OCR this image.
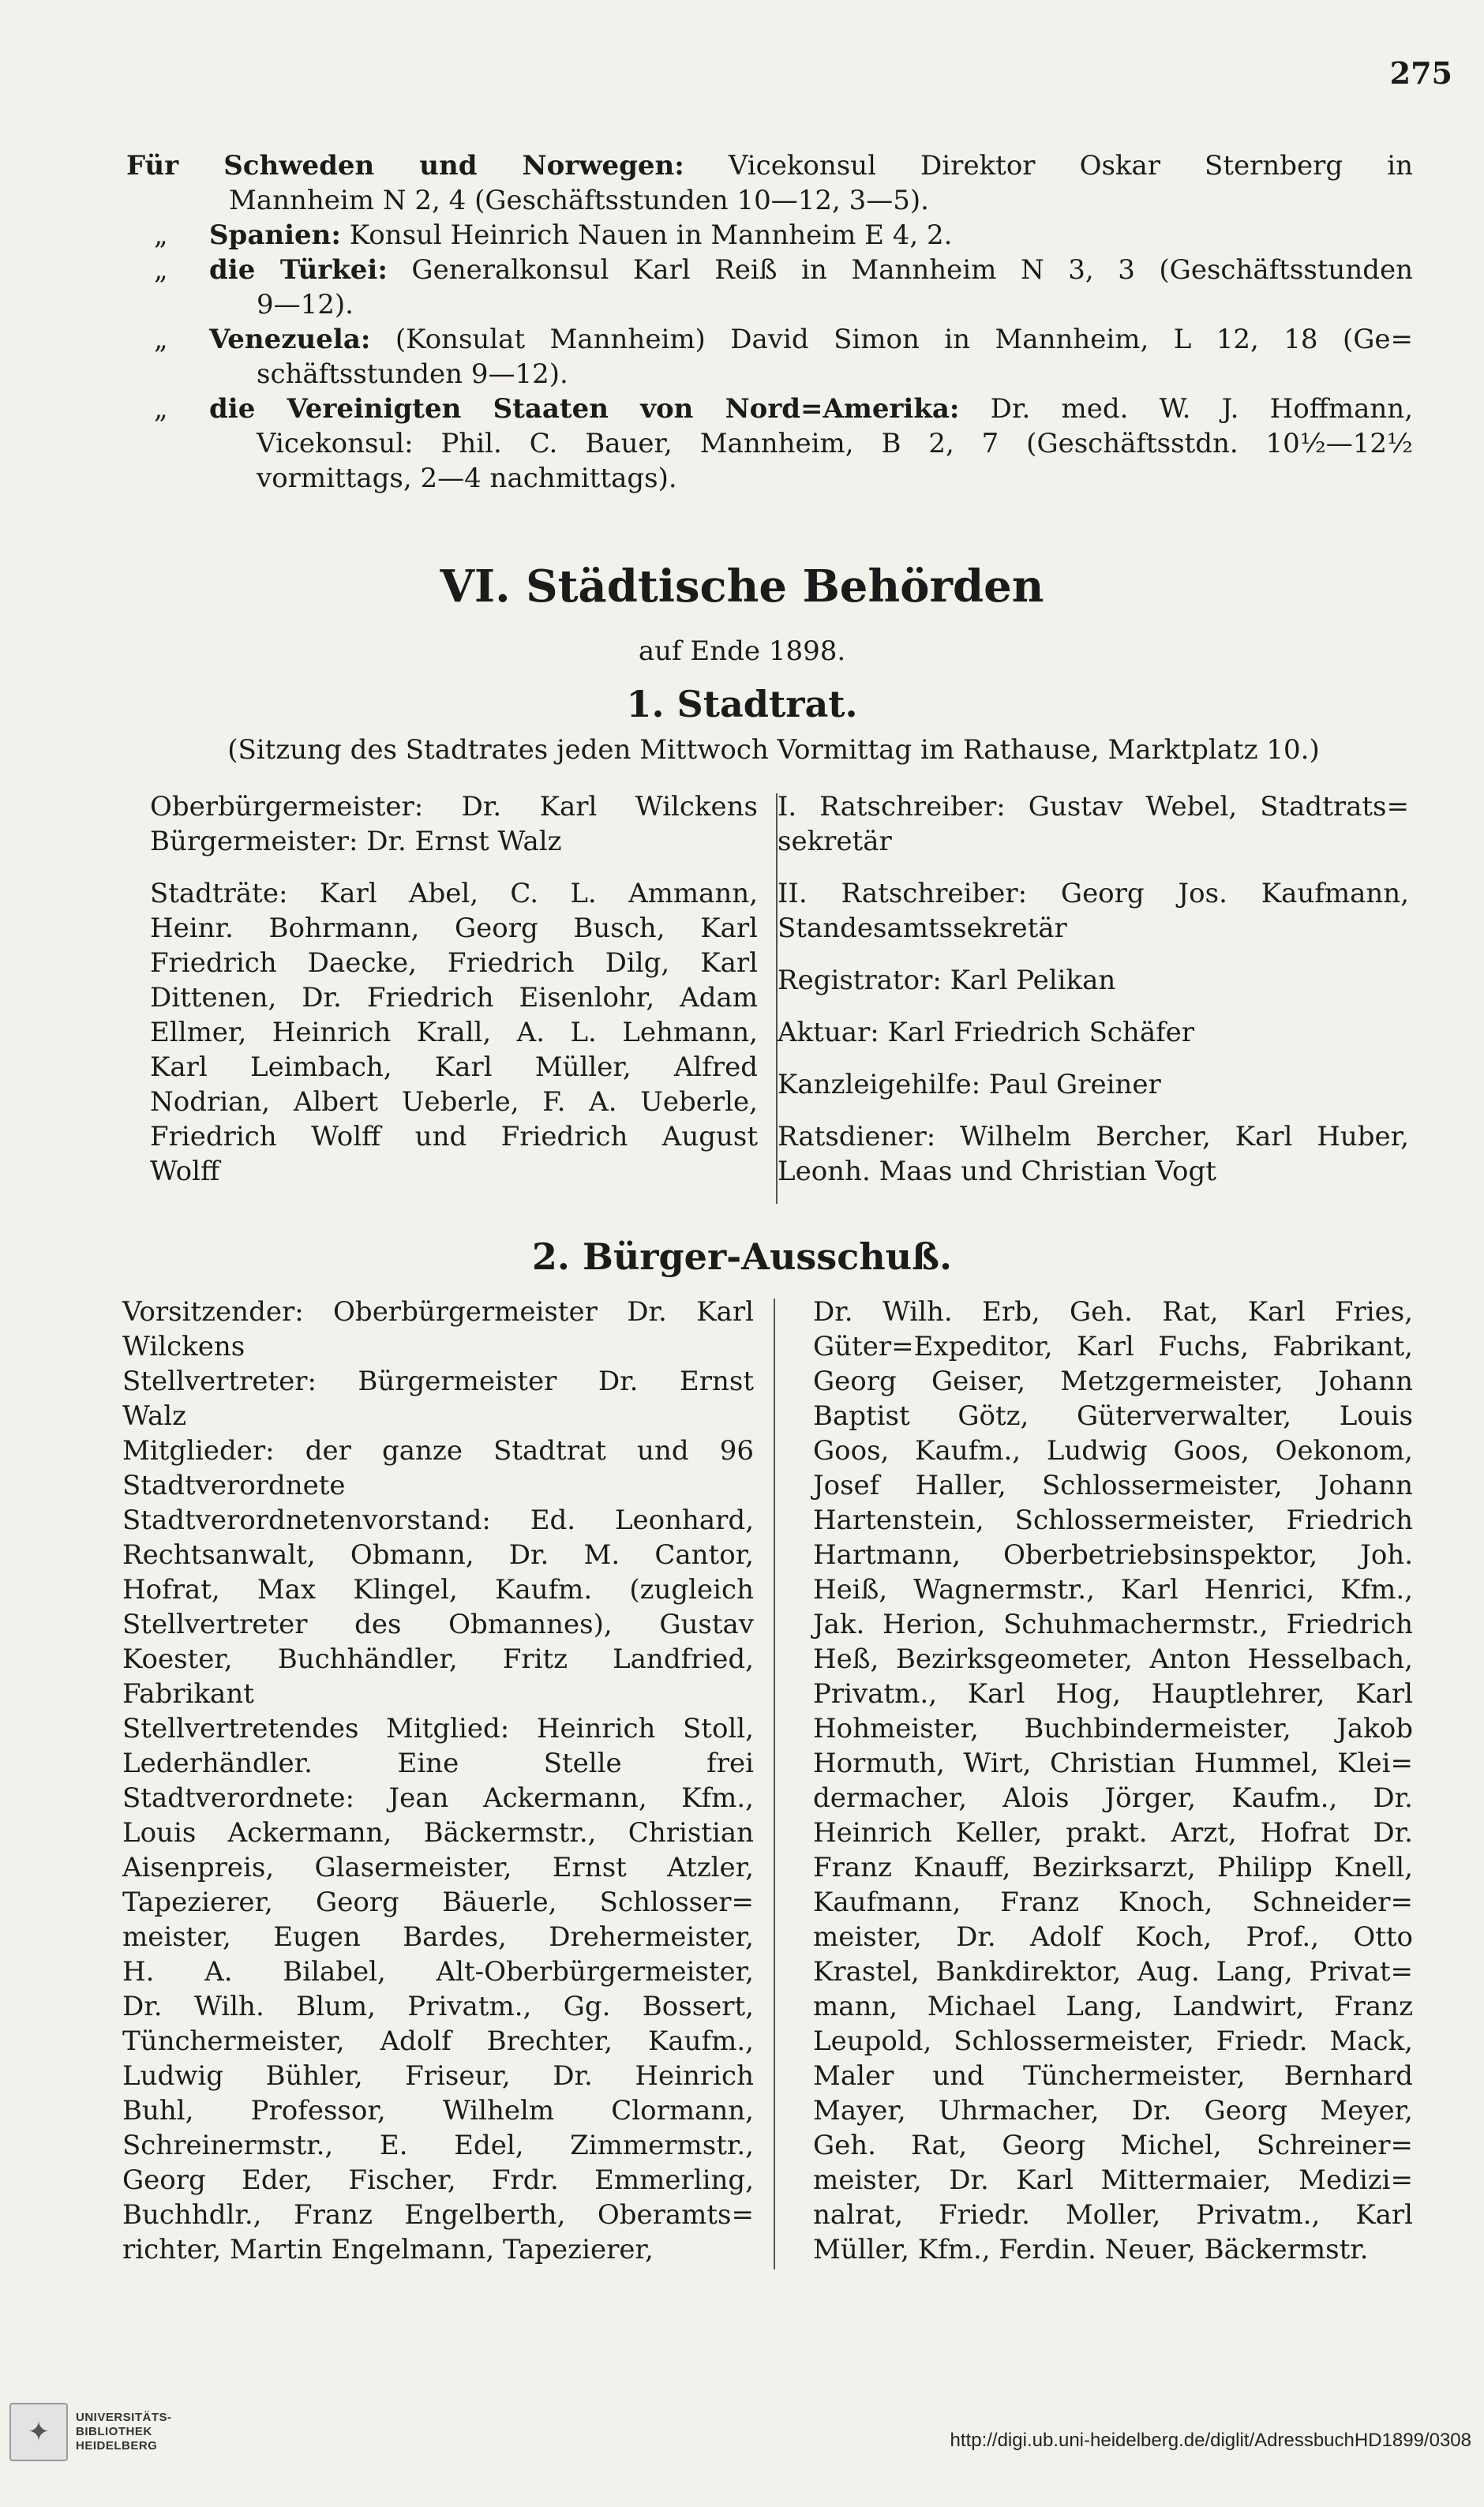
275
Für Schweden und Norwegen: Vicekonsul Direktor Oskar Sternberg in
Mannheim N 2, 4 (Geschäftsstunden 10—12, 3—5).
„ Spanien: Konsul Heinrich Nauen in Mannheim E 4, 2.
„ die Türkei: Generalkonsul Karl Reiß in Mannheim N 3, 3 (Geschäftsstunden
9—12).
„ Venezuela: (Konsulat Mannheim) David Simon in Mannheim, L 12, 18 (Ge=
schäftsstunden 9—12).
„ die Vereinigten Staaten von Nord=Amerika: Dr. med. W. J. Hoffmann,
Vicekonsul: Phil. C. Bauer, Mannheim, B 2, 7 (Geschäftsstdn. 10½—12½
vormittags, 2—4 nachmittags).
VI. Städtische Behörden
auf Ende 1898.
1. Stadtrat.
(Sitzung des Stadtrates jeden Mittwoch Vormittag im Rathause, Marktplatz 10.)
Oberbürgermeister: Dr. Karl Wilckens
Bürgermeister: Dr. Ernst Walz
Stadträte: Karl Abel, C. L. Ammann,
Heinr. Bohrmann, Georg Busch, Karl
Friedrich Daecke, Friedrich Dilg, Karl
Dittenen, Dr. Friedrich Eisenlohr, Adam
Ellmer, Heinrich Krall, A. L. Lehmann,
Karl Leimbach, Karl Müller, Alfred
Nodrian, Albert Ueberle, F. A. Ueberle,
Friedrich Wolff und Friedrich August
Wolff
I. Ratschreiber: Gustav Webel, Stadtrats=
sekretär
II. Ratschreiber: Georg Jos. Kaufmann,
Standesamtssekretär
Registrator: Karl Pelikan
Aktuar: Karl Friedrich Schäfer
Kanzleigehilfe: Paul Greiner
Ratsdiener: Wilhelm Bercher, Karl Huber,
Leonh. Maas und Christian Vogt
2. Bürger-Ausschuß.
Vorsitzender: Oberbürgermeister Dr. Karl
Wilckens
Stellvertreter: Bürgermeister Dr. Ernst
Walz
Mitglieder: der ganze Stadtrat und 96
Stadtverordnete
Stadtverordnetenvorstand: Ed. Leonhard,
Rechtsanwalt, Obmann, Dr. M. Cantor,
Hofrat, Max Klingel, Kaufm. (zugleich
Stellvertreter des Obmannes), Gustav
Koester, Buchhändler, Fritz Landfried,
Fabrikant
Stellvertretendes Mitglied: Heinrich Stoll,
Lederhändler. Eine Stelle frei
Stadtverordnete: Jean Ackermann, Kfm.,
Louis Ackermann, Bäckermstr., Christian
Aisenpreis, Glasermeister, Ernst Atzler,
Tapezierer, Georg Bäuerle, Schlosser=
meister, Eugen Bardes, Drehermeister,
H. A. Bilabel, Alt-Oberbürgermeister,
Dr. Wilh. Blum, Privatm., Gg. Bossert,
Tünchermeister, Adolf Brechter, Kaufm.,
Ludwig Bühler, Friseur, Dr. Heinrich
Buhl, Professor, Wilhelm Clormann,
Schreinermstr., E. Edel, Zimmermstr.,
Georg Eder, Fischer, Frdr. Emmerling,
Buchhdlr., Franz Engelberth, Oberamts=
richter, Martin Engelmann, Tapezierer,
Dr. Wilh. Erb, Geh. Rat, Karl Fries,
Güter=Expeditor, Karl Fuchs, Fabrikant,
Georg Geiser, Metzgermeister, Johann
Baptist Götz, Güterverwalter, Louis
Goos, Kaufm., Ludwig Goos, Oekonom,
Josef Haller, Schlossermeister, Johann
Hartenstein, Schlossermeister, Friedrich
Hartmann, Oberbetriebsinspektor, Joh.
Heiß, Wagnermstr., Karl Henrici, Kfm.,
Jak. Herion, Schuhmachermstr., Friedrich
Heß, Bezirksgeometer, Anton Hesselbach,
Privatm., Karl Hog, Hauptlehrer, Karl
Hohmeister, Buchbindermeister, Jakob
Hormuth, Wirt, Christian Hummel, Klei=
dermacher, Alois Jörger, Kaufm., Dr.
Heinrich Keller, prakt. Arzt, Hofrat Dr.
Franz Knauff, Bezirksarzt, Philipp Knell,
Kaufmann, Franz Knoch, Schneider=
meister, Dr. Adolf Koch, Prof., Otto
Krastel, Bankdirektor, Aug. Lang, Privat=
mann, Michael Lang, Landwirt, Franz
Leupold, Schlossermeister, Friedr. Mack,
Maler und Tünchermeister, Bernhard
Mayer, Uhrmacher, Dr. Georg Meyer,
Geh. Rat, Georg Michel, Schreiner=
meister, Dr. Karl Mittermaier, Medizi=
nalrat, Friedr. Moller, Privatm., Karl
Müller, Kfm., Ferdin. Neuer, Bäckermstr.
✦	UNIVERSITÄTS-
BIBLIOTHEK
HEIDELBERG	http://digi.ub.uni-heidelberg.de/diglit/AdressbuchHD1899/0308
